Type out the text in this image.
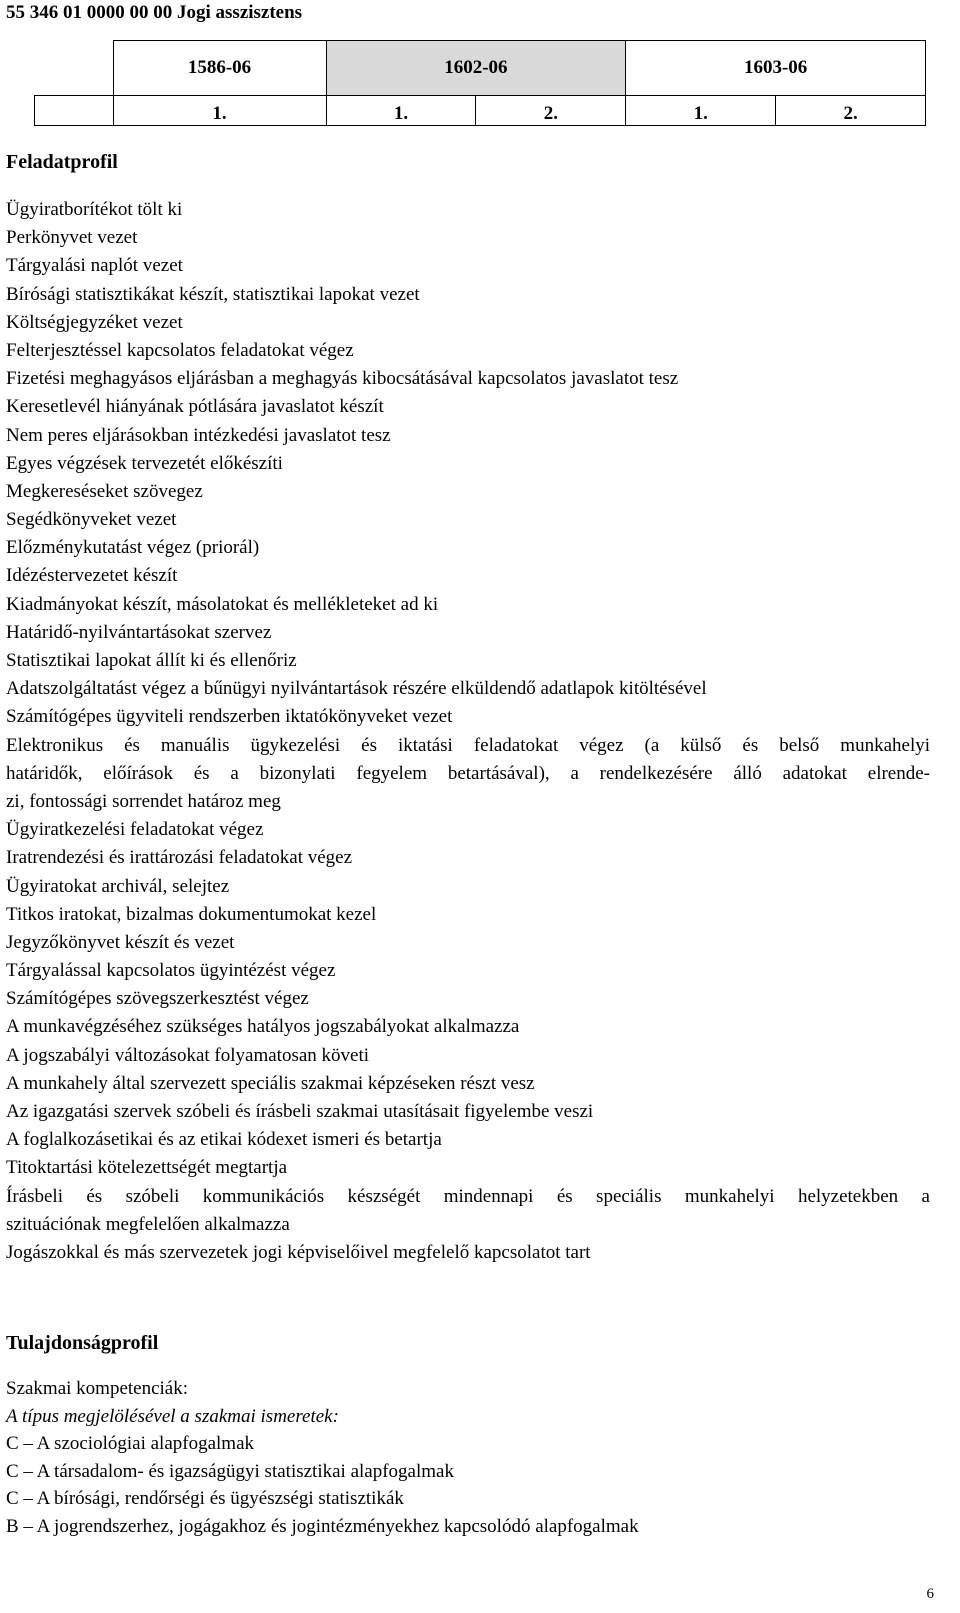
55 346 01 0000 00 00 Jogi asszisztens
	1586-06	1602-06		1603-06	
	1.	1.	2.	1.	2.
Feladatprofil
Ügyiratborítékot tölt ki
Perkönyvet vezet
Tárgyalási naplót vezet
Bírósági statisztikákat készít, statisztikai lapokat vezet
Költségjegyzéket vezet
Felterjesztéssel kapcsolatos feladatokat végez
Fizetési meghagyásos eljárásban a meghagyás kibocsátásával kapcsolatos javaslatot tesz
Keresetlevél hiányának pótlására javaslatot készít
Nem peres eljárásokban intézkedési javaslatot tesz
Egyes végzések tervezetét előkészíti
Megkereséseket szövegez
Segédkönyveket vezet
Előzménykutatást végez (priorál)
Idézéstervezetet készít
Kiadmányokat készít, másolatokat és mellékleteket ad ki
Határidő-nyilvántartásokat szervez
Statisztikai lapokat állít ki és ellenőriz
Adatszolgáltatást végez a bűnügyi nyilvántartások részére elküldendő adatlapok kitöltésével
Számítógépes ügyviteli rendszerben iktatókönyveket vezet
Elektronikus és manuális ügykezelési és iktatási feladatokat végez (a külső és belső munkahelyi
határidők, előírások és a bizonylati fegyelem betartásával), a rendelkezésére álló adatokat elrende-
zi, fontossági sorrendet határoz meg
Ügyiratkezelési feladatokat végez
Iratrendezési és irattározási feladatokat végez
Ügyiratokat archivál, selejtez
Titkos iratokat, bizalmas dokumentumokat kezel
Jegyzőkönyvet készít és vezet
Tárgyalással kapcsolatos ügyintézést végez
Számítógépes szövegszerkesztést végez
A munkavégzéséhez szükséges hatályos jogszabályokat alkalmazza
A jogszabályi változásokat folyamatosan követi
A munkahely által szervezett speciális szakmai képzéseken részt vesz
Az igazgatási szervek szóbeli és írásbeli szakmai utasításait figyelembe veszi
A foglalkozásetikai és az etikai kódexet ismeri és betartja
Titoktartási kötelezettségét megtartja
Írásbeli és szóbeli kommunikációs készségét mindennapi és speciális munkahelyi helyzetekben a
szituációnak megfelelően alkalmazza
Jogászokkal és más szervezetek jogi képviselőivel megfelelő kapcsolatot tart
Tulajdonságprofil
Szakmai kompetenciák:
A típus megjelölésével a szakmai ismeretek:
C – A szociológiai alapfogalmak
C – A társadalom- és igazságügyi statisztikai alapfogalmak
C – A bírósági, rendőrségi és ügyészségi statisztikák
B – A jogrendszerhez, jogágakhoz és jogintézményekhez kapcsolódó alapfogalmak
6
